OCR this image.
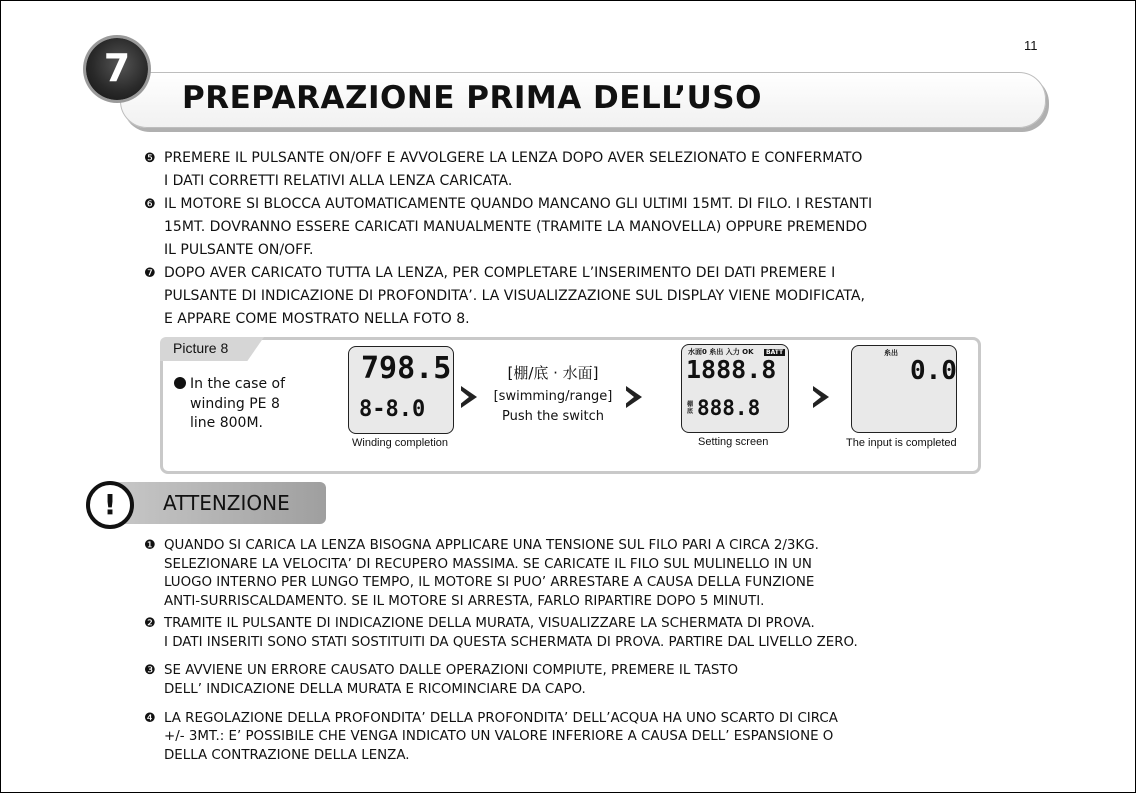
11
PREPARAZIONE PRIMA DELL’USO
7
❺ PREMERE IL PULSANTE ON/OFF E AVVOLGERE LA LENZA DOPO AVER SELEZIONATO E CONFERMATO
I DATI CORRETTI RELATIVI ALLA LENZA CARICATA.
❻ IL MOTORE SI BLOCCA AUTOMATICAMENTE QUANDO MANCANO GLI ULTIMI 15MT. DI FILO. I RESTANTI
15MT. DOVRANNO ESSERE CARICATI MANUALMENTE (TRAMITE LA MANOVELLA) OPPURE PREMENDO
IL PULSANTE ON/OFF.
❼ DOPO AVER CARICATO TUTTA LA LENZA, PER COMPLETARE L’INSERIMENTO DEI DATI PREMERE I
PULSANTE DI INDICAZIONE DI PROFONDITA’. LA VISUALIZZAZIONE SUL DISPLAY VIENE MODIFICATA,
E APPARE COME MOSTRATO NELLA FOTO 8.
Picture 8
In the case of
winding PE 8
line 800M.
798.5
8-8.0
Winding completion
[棚/底 · 水面]
[swimming/range]
Push the switch
水面0 糸出 入力 OK	BATT
1888.8
棚底 888.8
Setting screen
糸出
0.0
The input is completed
!	ATTENZIONE
❶ QUANDO SI CARICA LA LENZA BISOGNA APPLICARE UNA TENSIONE SUL FILO PARI A CIRCA 2/3KG.
SELEZIONARE LA VELOCITA’ DI RECUPERO MASSIMA. SE CARICATE IL FILO SUL MULINELLO IN UN
LUOGO INTERNO PER LUNGO TEMPO, IL MOTORE SI PUO’ ARRESTARE A CAUSA DELLA FUNZIONE
ANTI-SURRISCALDAMENTO. SE IL MOTORE SI ARRESTA, FARLO RIPARTIRE DOPO 5 MINUTI.
❷ TRAMITE IL PULSANTE DI INDICAZIONE DELLA MURATA, VISUALIZZARE LA SCHERMATA DI PROVA.
I DATI INSERITI SONO STATI SOSTITUITI DA QUESTA SCHERMATA DI PROVA. PARTIRE DAL LIVELLO ZERO.
❸ SE AVVIENE UN ERRORE CAUSATO DALLE OPERAZIONI COMPIUTE, PREMERE IL TASTO
DELL’ INDICAZIONE DELLA MURATA E RICOMINCIARE DA CAPO.
❹ LA REGOLAZIONE DELLA PROFONDITA’ DELLA PROFONDITA’ DELL’ACQUA HA UNO SCARTO DI CIRCA
+/- 3MT.: E’ POSSIBILE CHE VENGA INDICATO UN VALORE INFERIORE A CAUSA DELL’ ESPANSIONE O
DELLA CONTRAZIONE DELLA LENZA.
